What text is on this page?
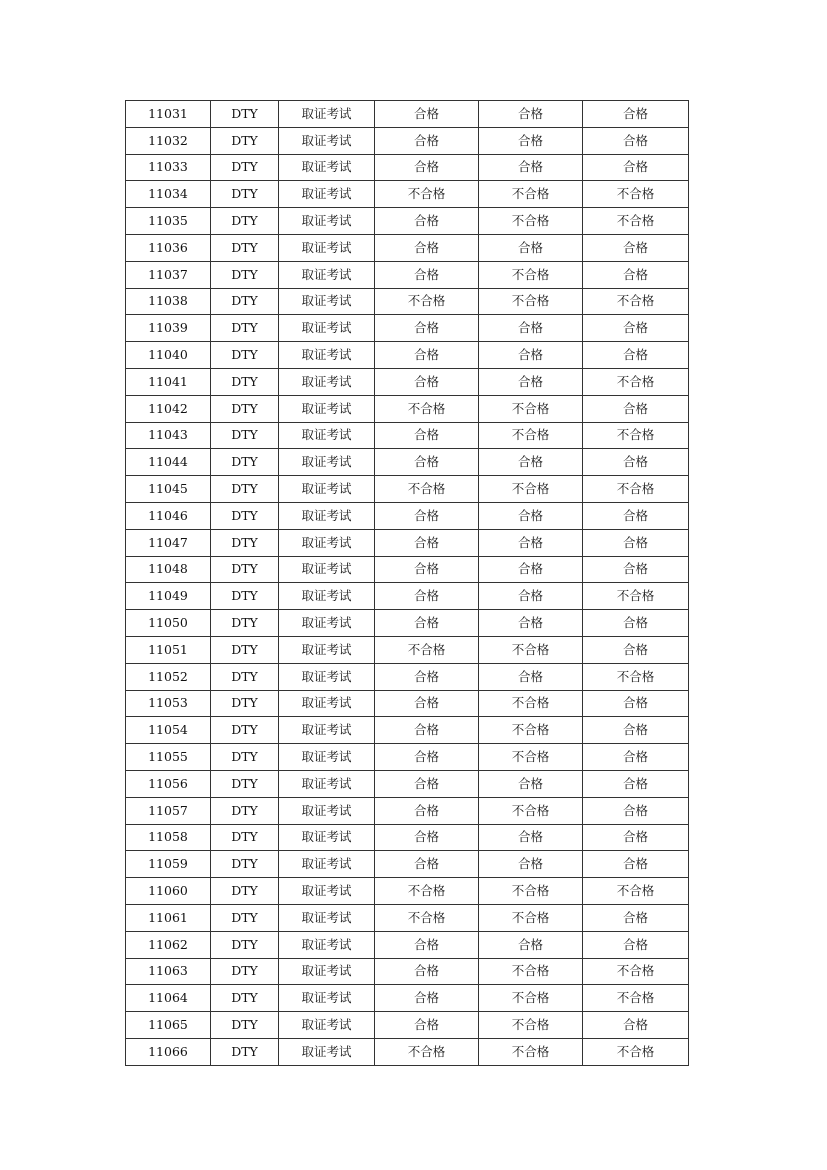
11031	DTY	取证考试	合格	合格	合格
11032	DTY	取证考试	合格	合格	合格
11033	DTY	取证考试	合格	合格	合格
11034	DTY	取证考试	不合格	不合格	不合格
11035	DTY	取证考试	合格	不合格	不合格
11036	DTY	取证考试	合格	合格	合格
11037	DTY	取证考试	合格	不合格	合格
11038	DTY	取证考试	不合格	不合格	不合格
11039	DTY	取证考试	合格	合格	合格
11040	DTY	取证考试	合格	合格	合格
11041	DTY	取证考试	合格	合格	不合格
11042	DTY	取证考试	不合格	不合格	合格
11043	DTY	取证考试	合格	不合格	不合格
11044	DTY	取证考试	合格	合格	合格
11045	DTY	取证考试	不合格	不合格	不合格
11046	DTY	取证考试	合格	合格	合格
11047	DTY	取证考试	合格	合格	合格
11048	DTY	取证考试	合格	合格	合格
11049	DTY	取证考试	合格	合格	不合格
11050	DTY	取证考试	合格	合格	合格
11051	DTY	取证考试	不合格	不合格	合格
11052	DTY	取证考试	合格	合格	不合格
11053	DTY	取证考试	合格	不合格	合格
11054	DTY	取证考试	合格	不合格	合格
11055	DTY	取证考试	合格	不合格	合格
11056	DTY	取证考试	合格	合格	合格
11057	DTY	取证考试	合格	不合格	合格
11058	DTY	取证考试	合格	合格	合格
11059	DTY	取证考试	合格	合格	合格
11060	DTY	取证考试	不合格	不合格	不合格
11061	DTY	取证考试	不合格	不合格	合格
11062	DTY	取证考试	合格	合格	合格
11063	DTY	取证考试	合格	不合格	不合格
11064	DTY	取证考试	合格	不合格	不合格
11065	DTY	取证考试	合格	不合格	合格
11066	DTY	取证考试	不合格	不合格	不合格
